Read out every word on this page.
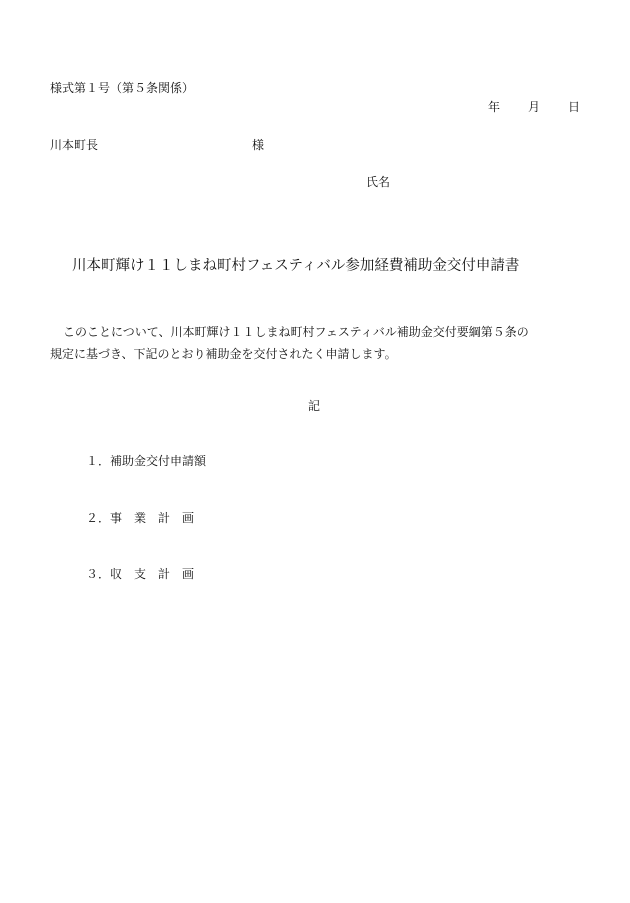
様式第１号（第５条関係）
年 月 日
川本町長	様
氏名
川本町輝け１１しまね町村フェスティバル参加経費補助金交付申請書
このことについて、川本町輝け１１しまね町村フェスティバル補助金交付要綱第５条の
規定に基づき、下記のとおり補助金を交付されたく申請します。
記
１．補助金交付申請額
２．事　業　計　画
３．収　支　計　画
